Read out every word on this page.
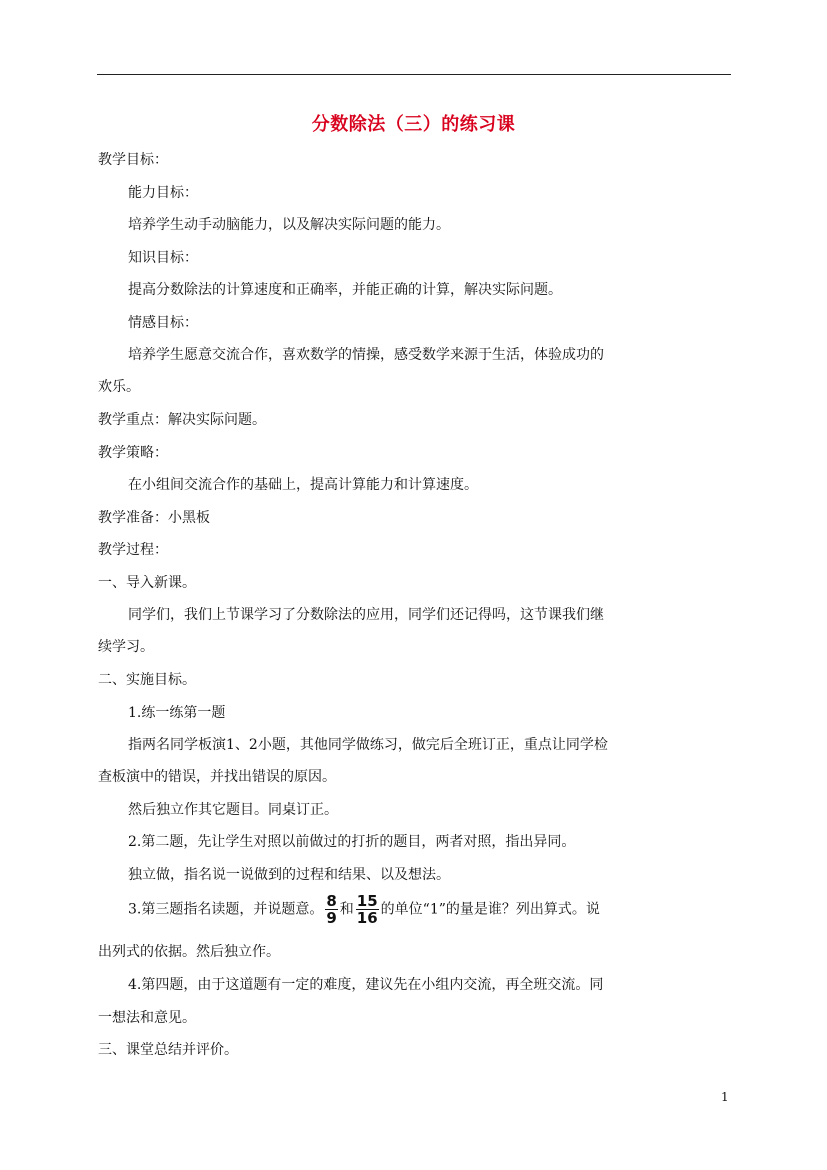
分数除法（三）的练习课
教学目标：
能力目标：
培养学生动手动脑能力，以及解决实际问题的能力。
知识目标：
提高分数除法的计算速度和正确率，并能正确的计算，解决实际问题。
情感目标：
培养学生愿意交流合作，喜欢数学的情操，感受数学来源于生活，体验成功的
欢乐。
教学重点：解决实际问题。
教学策略：
在小组间交流合作的基础上，提高计算能力和计算速度。
教学准备：小黑板
教学过程：
一、导入新课。
同学们，我们上节课学习了分数除法的应用，同学们还记得吗，这节课我们继
续学习。
二、实施目标。
1.练一练第一题
指两名同学板演1、2小题，其他同学做练习，做完后全班订正，重点让同学检
查板演中的错误，并找出错误的原因。
然后独立作其它题目。同桌订正。
2.第二题，先让学生对照以前做过的打折的题目，两者对照，指出异同。
独立做，指名说一说做到的过程和结果、以及想法。
3.第三题指名读题，并说题意。 $\frac{8}{9}$ 和 $\frac{15}{16}$ 的单位“1”的量是谁？列出算式。说
出列式的依据。然后独立作。
4.第四题，由于这道题有一定的难度，建议先在小组内交流，再全班交流。同
一想法和意见。
三、课堂总结并评价。
1
